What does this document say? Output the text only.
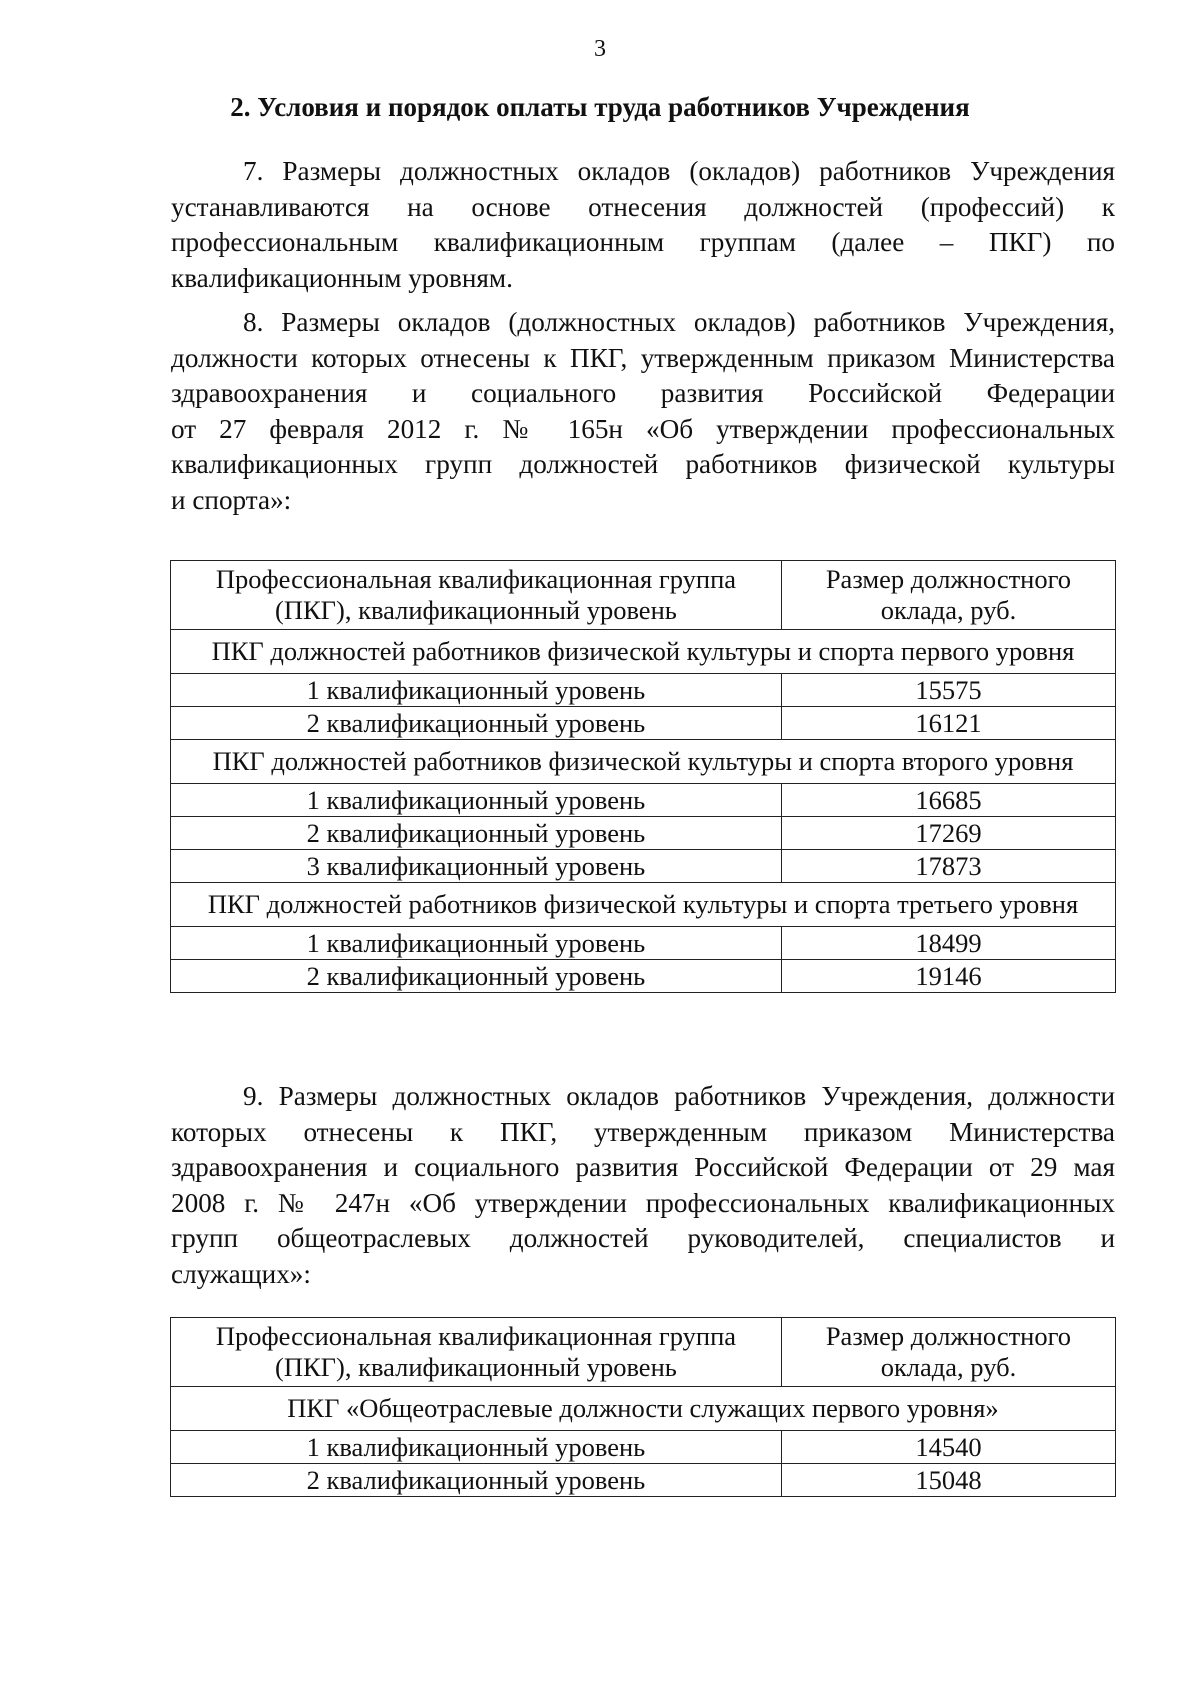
3
2. Условия и порядок оплаты труда работников Учреждения
7. Размеры должностных окладов (окладов) работников Учреждения
устанавливаются на основе отнесения должностей (профессий) к
профессиональным квалификационным группам (далее – ПКГ) по
квалификационным уровням.
8. Размеры окладов (должностных окладов) работников Учреждения,
должности которых отнесены к ПКГ, утвержденным приказом Министерства
здравоохранения и социального развития Российской Федерации
от 27 февраля 2012 г. № 165н «Об утверждении профессиональных
квалификационных групп должностей работников физической культуры
и спорта»:
Профессиональная квалификационная группа (ПКГ), квалификационный уровень	Размер должностного оклада, руб.
ПКГ должностей работников физической культуры и спорта первого уровня	
1 квалификационный уровень	15575
2 квалификационный уровень	16121
ПКГ должностей работников физической культуры и спорта второго уровня	
1 квалификационный уровень	16685
2 квалификационный уровень	17269
3 квалификационный уровень	17873
ПКГ должностей работников физической культуры и спорта третьего уровня	
1 квалификационный уровень	18499
2 квалификационный уровень	19146
9. Размеры должностных окладов работников Учреждения, должности
которых отнесены к ПКГ, утвержденным приказом Министерства
здравоохранения и социального развития Российской Федерации от 29 мая
2008 г. № 247н «Об утверждении профессиональных квалификационных
групп общеотраслевых должностей руководителей, специалистов и
служащих»:
Профессиональная квалификационная группа (ПКГ), квалификационный уровень	Размер должностного оклада, руб.
ПКГ «Общеотраслевые должности служащих первого уровня»	
1 квалификационный уровень	14540
2 квалификационный уровень	15048
